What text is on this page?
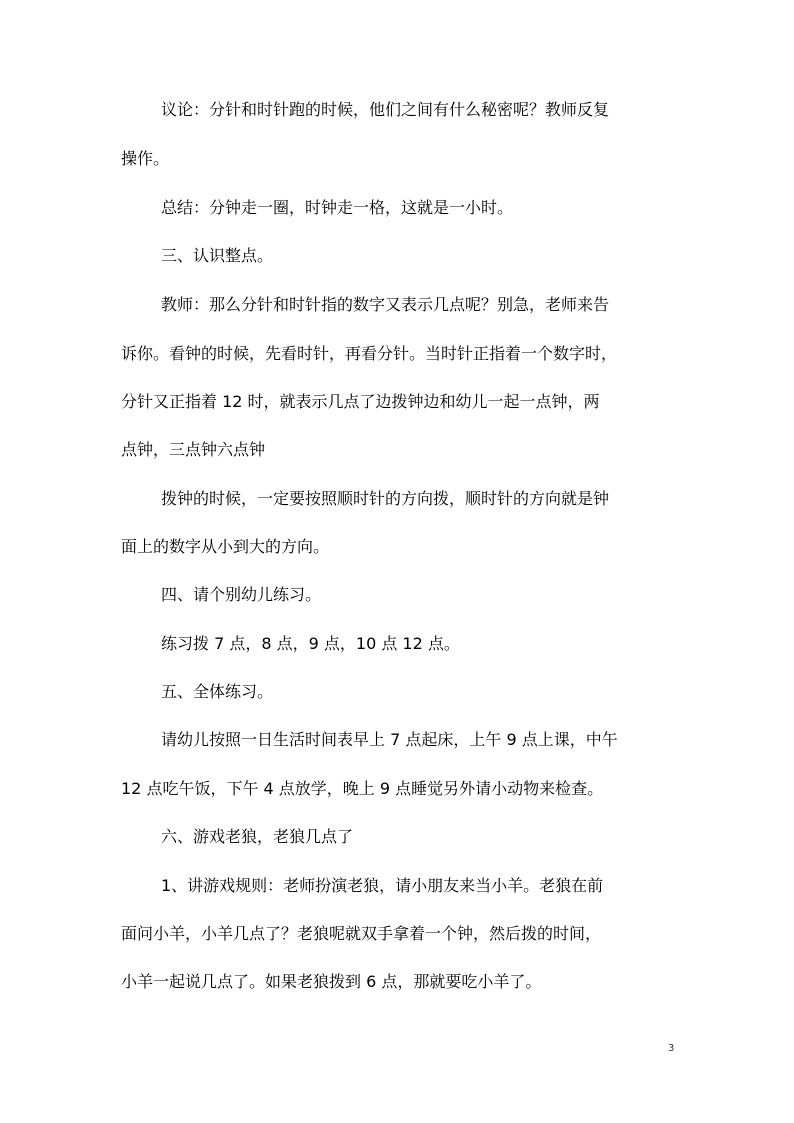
议论：分针和时针跑的时候，他们之间有什么秘密呢？教师反复
操作。
总结：分钟走一圈，时钟走一格，这就是一小时。
三、认识整点。
教师：那么分针和时针指的数字又表示几点呢？别急，老师来告
诉你。看钟的时候，先看时针，再看分针。当时针正指着一个数字时，
分针又正指着 12 时，就表示几点了边拨钟边和幼儿一起一点钟，两
点钟，三点钟六点钟
拨钟的时候，一定要按照顺时针的方向拨，顺时针的方向就是钟
面上的数字从小到大的方向。
四、请个别幼儿练习。
练习拨 7 点，8 点，9 点，10 点 12 点。
五、全体练习。
请幼儿按照一日生活时间表早上 7 点起床，上午 9 点上课，中午
12 点吃午饭，下午 4 点放学，晚上 9 点睡觉另外请小动物来检查。
六、游戏老狼，老狼几点了
1、讲游戏规则：老师扮演老狼，请小朋友来当小羊。老狼在前
面问小羊，小羊几点了？老狼呢就双手拿着一个钟，然后拨的时间，
小羊一起说几点了。如果老狼拨到 6 点，那就要吃小羊了。
3
